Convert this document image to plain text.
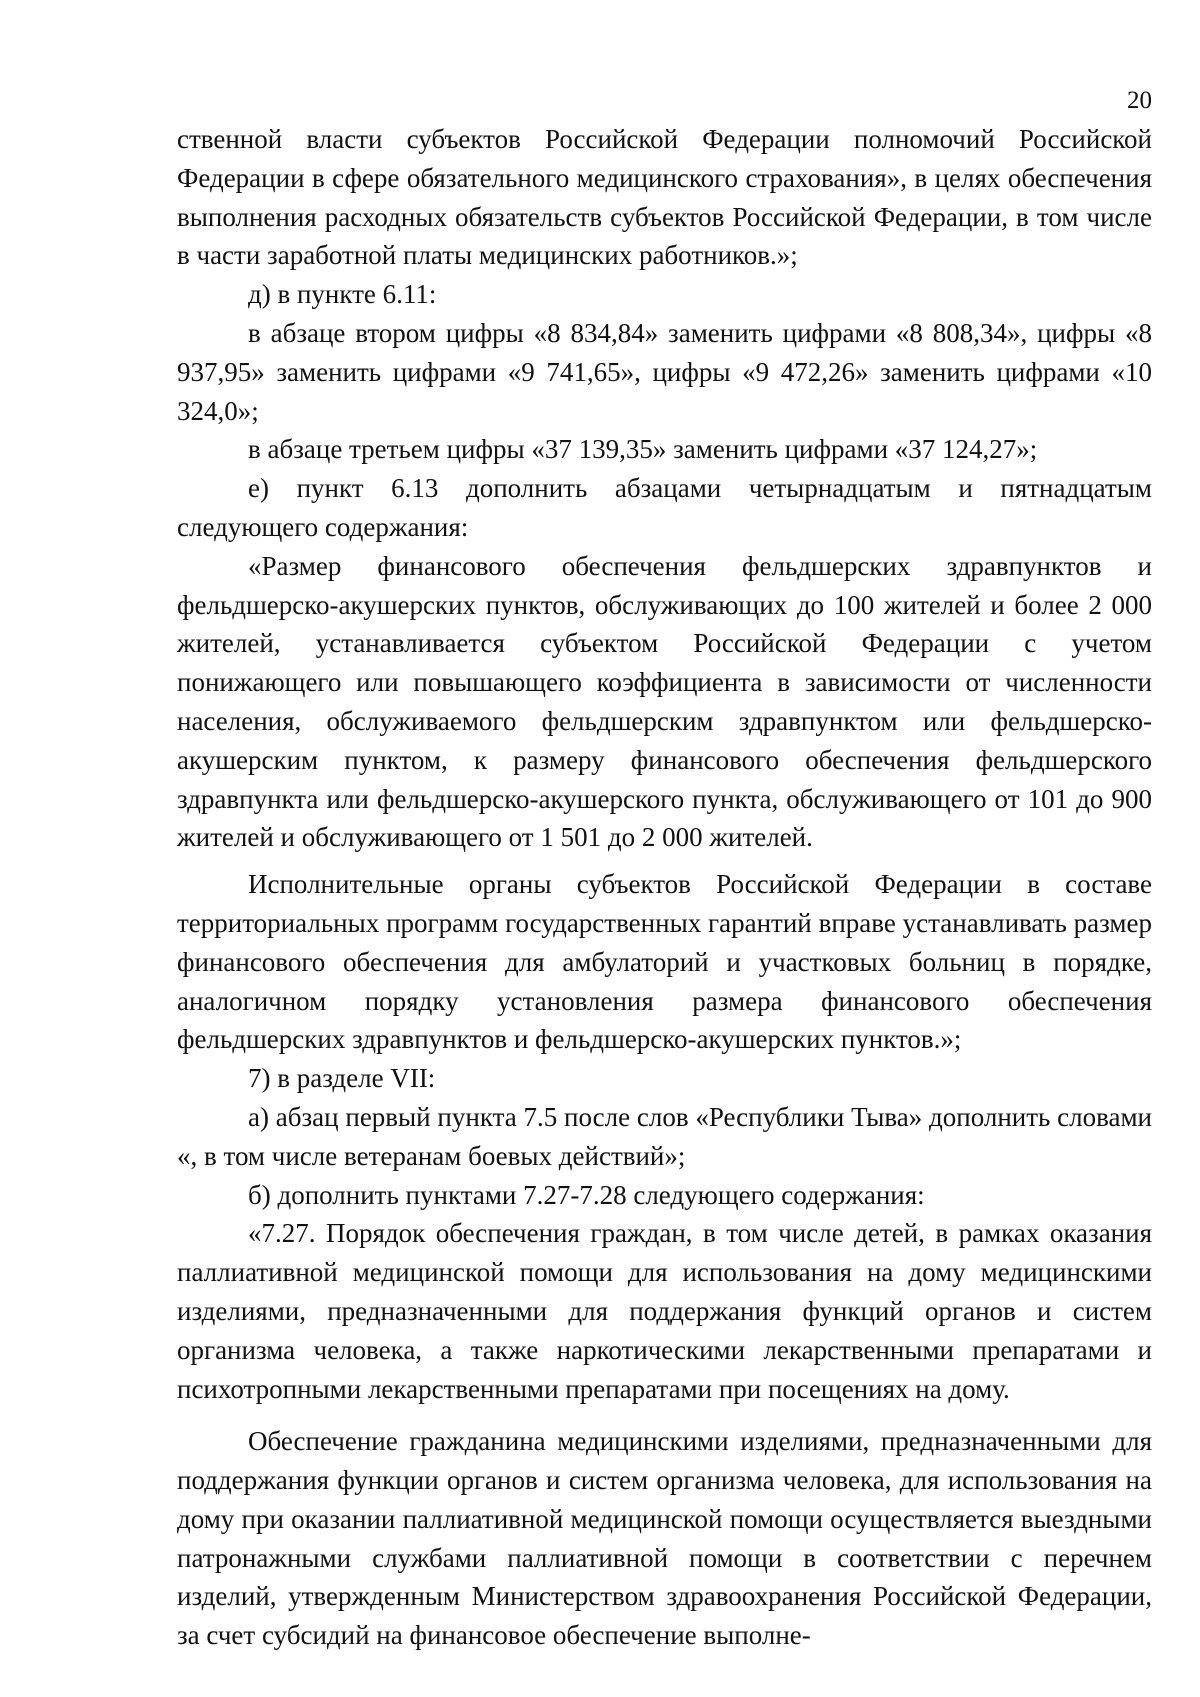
20

ственной власти субъектов Российской Федерации полномочий Российской Федерации в сфере обязательного медицинского страхования», в целях обеспечения выполнения расходных обязательств субъектов Российской Федерации, в том числе в части заработной платы медицинских работников.»;

д) в пункте 6.11:

в абзаце втором цифры «8 834,84» заменить цифрами «8 808,34», цифры «8 937,95» заменить цифрами «9 741,65», цифры «9 472,26» заменить цифрами «10 324,0»;

в абзаце третьем цифры «37 139,35» заменить цифрами «37 124,27»;

е) пункт 6.13 дополнить абзацами четырнадцатым и пятнадцатым следующего содержания:

«Размер финансового обеспечения фельдшерских здравпунктов и фельдшерско-акушерских пунктов, обслуживающих до 100 жителей и более 2 000 жителей, устанавливается субъектом Российской Федерации с учетом понижающего или повышающего коэффициента в зависимости от численности населения, обслуживаемого фельдшерским здравпунктом или фельдшерско-акушерским пунктом, к размеру финансового обеспечения фельдшерского здравпункта или фельдшерско-акушерского пункта, обслуживающего от 101 до 900 жителей и обслуживающего от 1 501 до 2 000 жителей.

Исполнительные органы субъектов Российской Федерации в составе территориальных программ государственных гарантий вправе устанавливать размер финансового обеспечения для амбулаторий и участковых больниц в порядке, аналогичном порядку установления размера финансового обеспечения фельдшерских здравпунктов и фельдшерско-акушерских пунктов.»;

7) в разделе VII:

а) абзац первый пункта 7.5 после слов «Республики Тыва» дополнить словами «, в том числе ветеранам боевых действий»;

б) дополнить пунктами 7.27-7.28 следующего содержания:

«7.27. Порядок обеспечения граждан, в том числе детей, в рамках оказания паллиативной медицинской помощи для использования на дому медицинскими изделиями, предназначенными для поддержания функций органов и систем организма человека, а также наркотическими лекарственными препаратами и психотропными лекарственными препаратами при посещениях на дому.

Обеспечение гражданина медицинскими изделиями, предназначенными для поддержания функции органов и систем организма человека, для использования на дому при оказании паллиативной медицинской помощи осуществляется выездными патронажными службами паллиативной помощи в соответствии с перечнем изделий, утвержденным Министерством здравоохранения Российской Федерации, за счет субсидий на финансовое обеспечение выполне-
